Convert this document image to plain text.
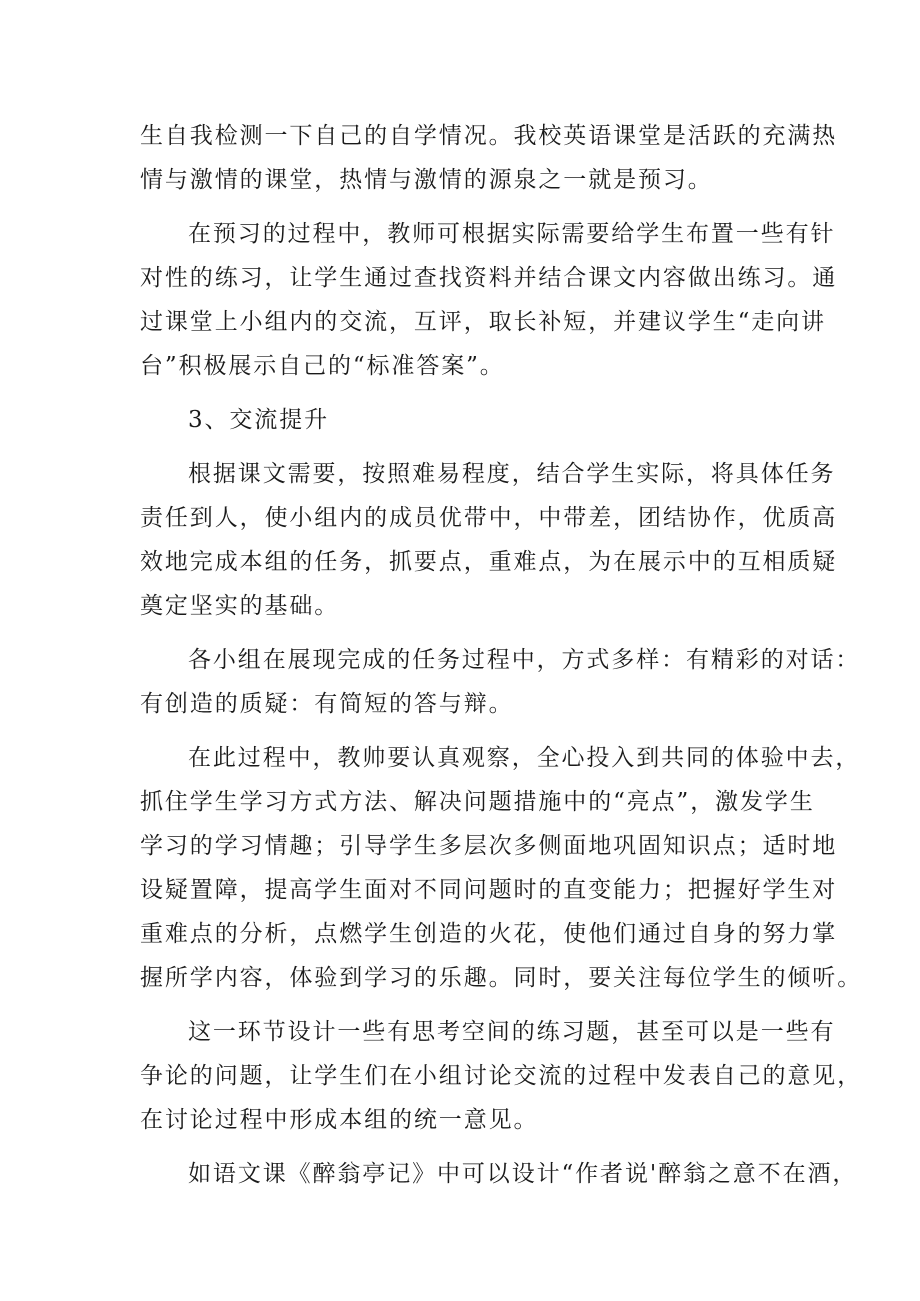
生自我检测一下自己的自学情况。我校英语课堂是活跃的充满热
情与激情的课堂，热情与激情的源泉之一就是预习。
在预习的过程中，教师可根据实际需要给学生布置一些有针
对性的练习，让学生通过查找资料并结合课文内容做出练习。通
过课堂上小组内的交流，互评，取长补短，并建议学生“走向讲
台”积极展示自己的“标准答案”。
3、交流提升
根据课文需要，按照难易程度，结合学生实际，将具体任务
责任到人，使小组内的成员优带中，中带差，团结协作，优质高
效地完成本组的任务，抓要点，重难点，为在展示中的互相质疑
奠定坚实的基础。
各小组在展现完成的任务过程中，方式多样：有精彩的对话：
有创造的质疑：有简短的答与辩。
在此过程中，教帅要认真观察，全心投入到共同的体验中去，
抓住学生学习方式方法、解决问题措施中的“亮点”，激发学生
学习的学习情趣；引导学生多层次多侧面地巩固知识点；适时地
设疑置障，提高学生面对不同问题时的直变能力；把握好学生对
重难点的分析，点燃学生创造的火花，使他们通过自身的努力掌
握所学内容，体验到学习的乐趣。同时，要关注每位学生的倾听。
这一环节设计一些有思考空间的练习题，甚至可以是一些有
争论的问题，让学生们在小组讨论交流的过程中发表自己的意见，
在讨论过程中形成本组的统一意见。
如语文课《醉翁亭记》中可以设计“作者说'醉翁之意不在酒，
